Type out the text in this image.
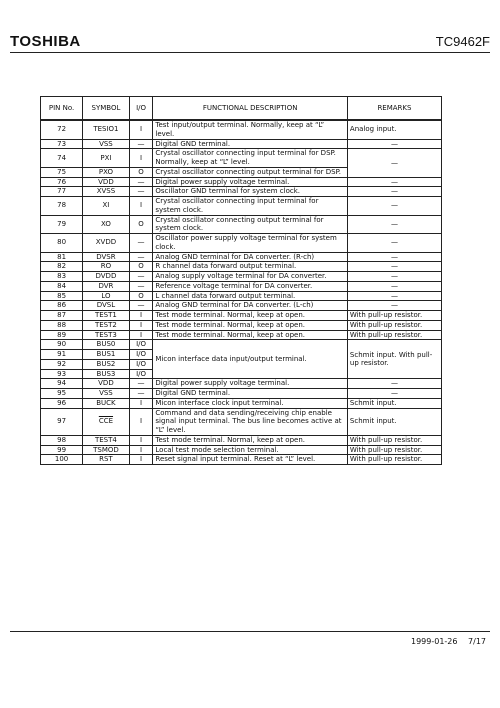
TOSHIBA	TC9462F
PIN No.	SYMBOL	I/O	FUNCTIONAL DESCRIPTION	REMARKS
72	TESIO1	I	Test input/output terminal. Normally, keep at “L” level.	Analog input.
73	VSS	—	Digital GND terminal.	—
74	PXI	I	Crystal oscillator connecting input terminal for DSP. Normally, keep at “L” level.	—
75	PXO	O	Crystal oscillator connecting output terminal for DSP.	
76	VDD	—	Digital power supply voltage terminal.	—
77	XVSS	—	Oscillator GND terminal for system clock.	—
78	XI	I	Crystal oscillator connecting input terminal for system clock.	—
79	XO	O	Crystal oscillator connecting output terminal for system clock.	—
80	XVDD	—	Oscillator power supply voltage terminal for system clock.	—
81	DVSR	—	Analog GND terminal for DA converter. (R-ch)	—
82	RO	O	R channel data forward output terminal.	—
83	DVDD	—	Analog supply voltage terminal for DA converter.	—
84	DVR	—	Reference voltage terminal for DA converter.	—
85	LO	O	L channel data forward output terminal.	—
86	DVSL	—	Analog GND terminal for DA converter. (L-ch)	—
87	TEST1	I	Test mode terminal. Normal, keep at open.	With pull-up resistor.
88	TEST2	I	Test mode terminal. Normal, keep at open.	With pull-up resistor.
89	TEST3	I	Test mode terminal. Normal, keep at open.	With pull-up resistor.
90	BUS0	I/O	Micon interface data input/output terminal.	Schmit input. With pull-up resistor.
91	BUS1	I/O		
92	BUS2	I/O		
93	BUS3	I/O		
94	VDD	—	Digital power supply voltage terminal.	—
95	VSS	—	Digital GND terminal.	—
96	BUCK	I	Micon interface clock input terminal.	Schmit input.
97	$\overline{CCE}$	I	Command and data sending/receiving chip enable signal input terminal. The bus line becomes active at “L” level.	Schmit input.
98	TEST4	I	Test mode terminal. Normal, keep at open.	With pull-up resistor.
99	TSMOD	I	Local test mode selection terminal.	With pull-up resistor.
100	$\overline{RST}$	I	Reset signal input terminal. Reset at “L” level.	With pull-up resistor.
1999-01-26 7/17
